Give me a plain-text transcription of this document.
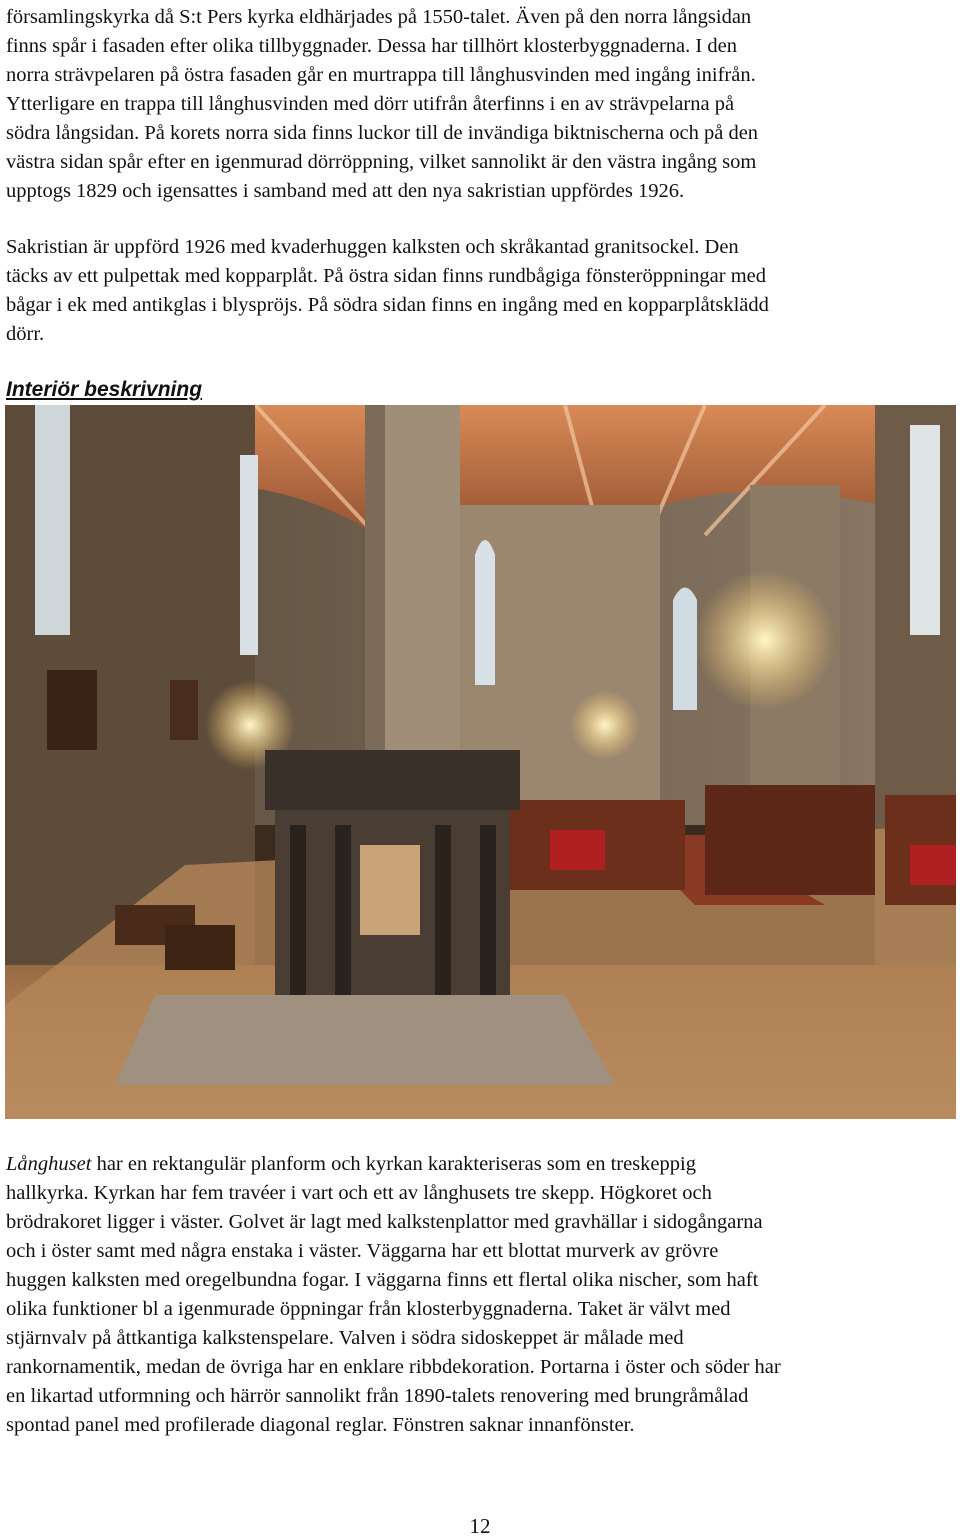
församlingskyrka då S:t Pers kyrka eldhärjades på 1550-talet. Även på den norra långsidan
finns spår i fasaden efter olika tillbyggnader. Dessa har tillhört klosterbyggnaderna. I den
norra strävpelaren på östra fasaden går en murtrappa till långhusvinden med ingång inifrån.
Ytterligare en trappa till långhusvinden med dörr utifrån återfinns i en av strävpelarna på
södra långsidan. På korets norra sida finns luckor till de invändiga biktnischerna och på den
västra sidan spår efter en igenmurad dörröppning, vilket sannolikt är den västra ingång som
upptogs 1829 och igensattes i samband med att den nya sakristian uppfördes 1926.

Sakristian är uppförd 1926 med kvaderhuggen kalksten och skråkantad granitsockel. Den
täcks av ett pulpettak med kopparplåt. På östra sidan finns rundbågiga fönsteröppningar med
bågar i ek med antikglas i blyspröjs. På södra sidan finns en ingång med en kopparplåtsklädd
dörr.

Interiör beskrivning

Långhuset har en rektangulär planform och kyrkan karakteriseras som en treskeppig
hallkyrka. Kyrkan har fem travéer i vart och ett av långhusets tre skepp. Högkoret och
brödrakoret ligger i väster. Golvet är lagt med kalkstenplattor med gravhällar i sidogångarna
och i öster samt med några enstaka i väster. Väggarna har ett blottat murverk av grövre
huggen kalksten med oregelbundna fogar. I väggarna finns ett flertal olika nischer, som haft
olika funktioner bl a igenmurade öppningar från klosterbyggnaderna. Taket är välvt med
stjärnvalv på åttkantiga kalkstenspelare. Valven i södra sidoskeppet är målade med
rankornamentik, medan de övriga har en enklare ribbdekoration. Portarna i öster och söder har
en likartad utformning och härrör sannolikt från 1890-talets renovering med brungråmålad
spontad panel med profilerade diagonal reglar. Fönstren saknar innanfönster.

12
